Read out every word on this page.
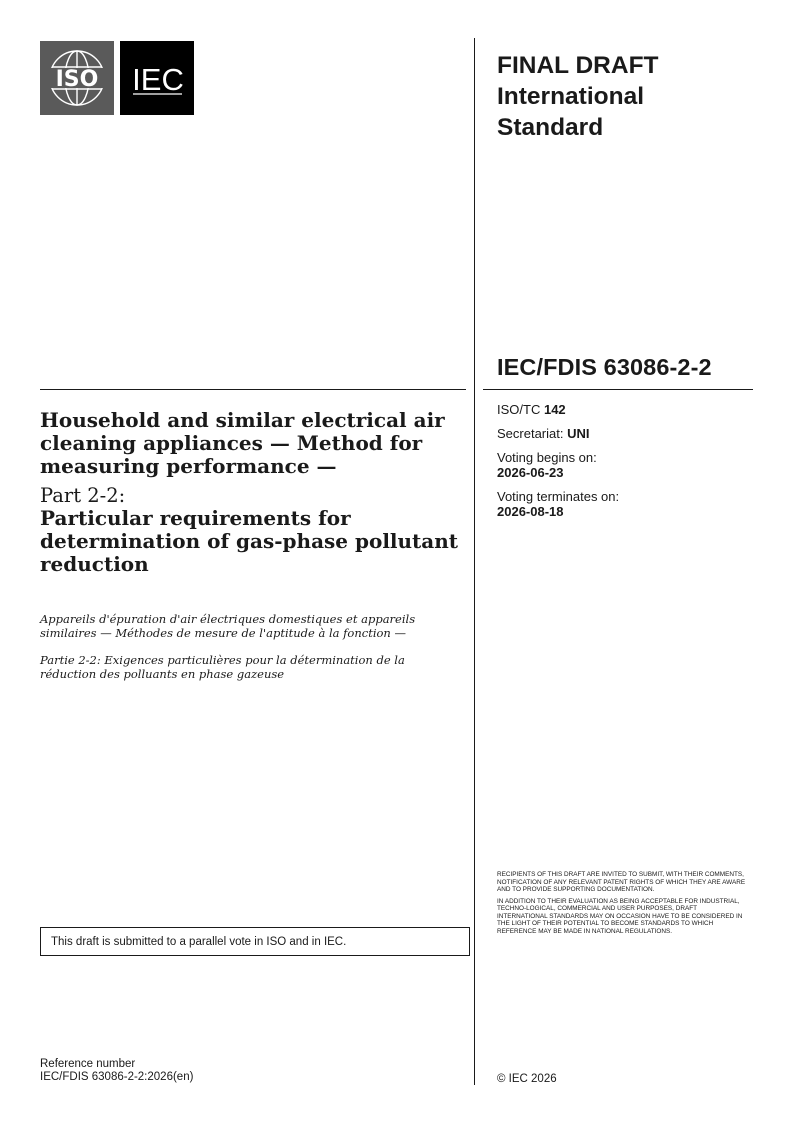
ISO IEC	FINAL DRAFT
International
Standard
IEC/FDIS 63086-2-2
ISO/TC 142
Secretariat: UNI
Voting begins on:
2026-06-23
Voting terminates on:
2026-08-18
Household and similar electrical air cleaning appliances — Method for measuring performance —
Part 2-2:
Particular requirements for determination of gas-phase pollutant reduction
Appareils d'épuration d'air électriques domestiques et appareils similaires — Méthodes de mesure de l'aptitude à la fonction —
Partie 2-2: Exigences particulières pour la détermination de la réduction des polluants en phase gazeuse
This draft is submitted to a parallel vote in ISO and in IEC.

RECIPIENTS OF THIS DRAFT ARE INVITED TO SUBMIT, WITH THEIR COMMENTS, NOTIFICATION OF ANY RELEVANT PATENT RIGHTS OF WHICH THEY ARE AWARE AND TO PROVIDE SUPPORTING DOCUMENTATION.

IN ADDITION TO THEIR EVALUATION AS BEING ACCEPTABLE FOR INDUSTRIAL, TECHNO-LOGICAL, COMMERCIAL AND USER PURPOSES, DRAFT INTERNATIONAL STANDARDS MAY ON OCCASION HAVE TO BE CONSIDERED IN THE LIGHT OF THEIR POTENTIAL TO BECOME STANDARDS TO WHICH REFERENCE MAY BE MADE IN NATIONAL REGULATIONS.

Reference number
IEC/FDIS 63086-2-2:2026(en)	© IEC 2026
